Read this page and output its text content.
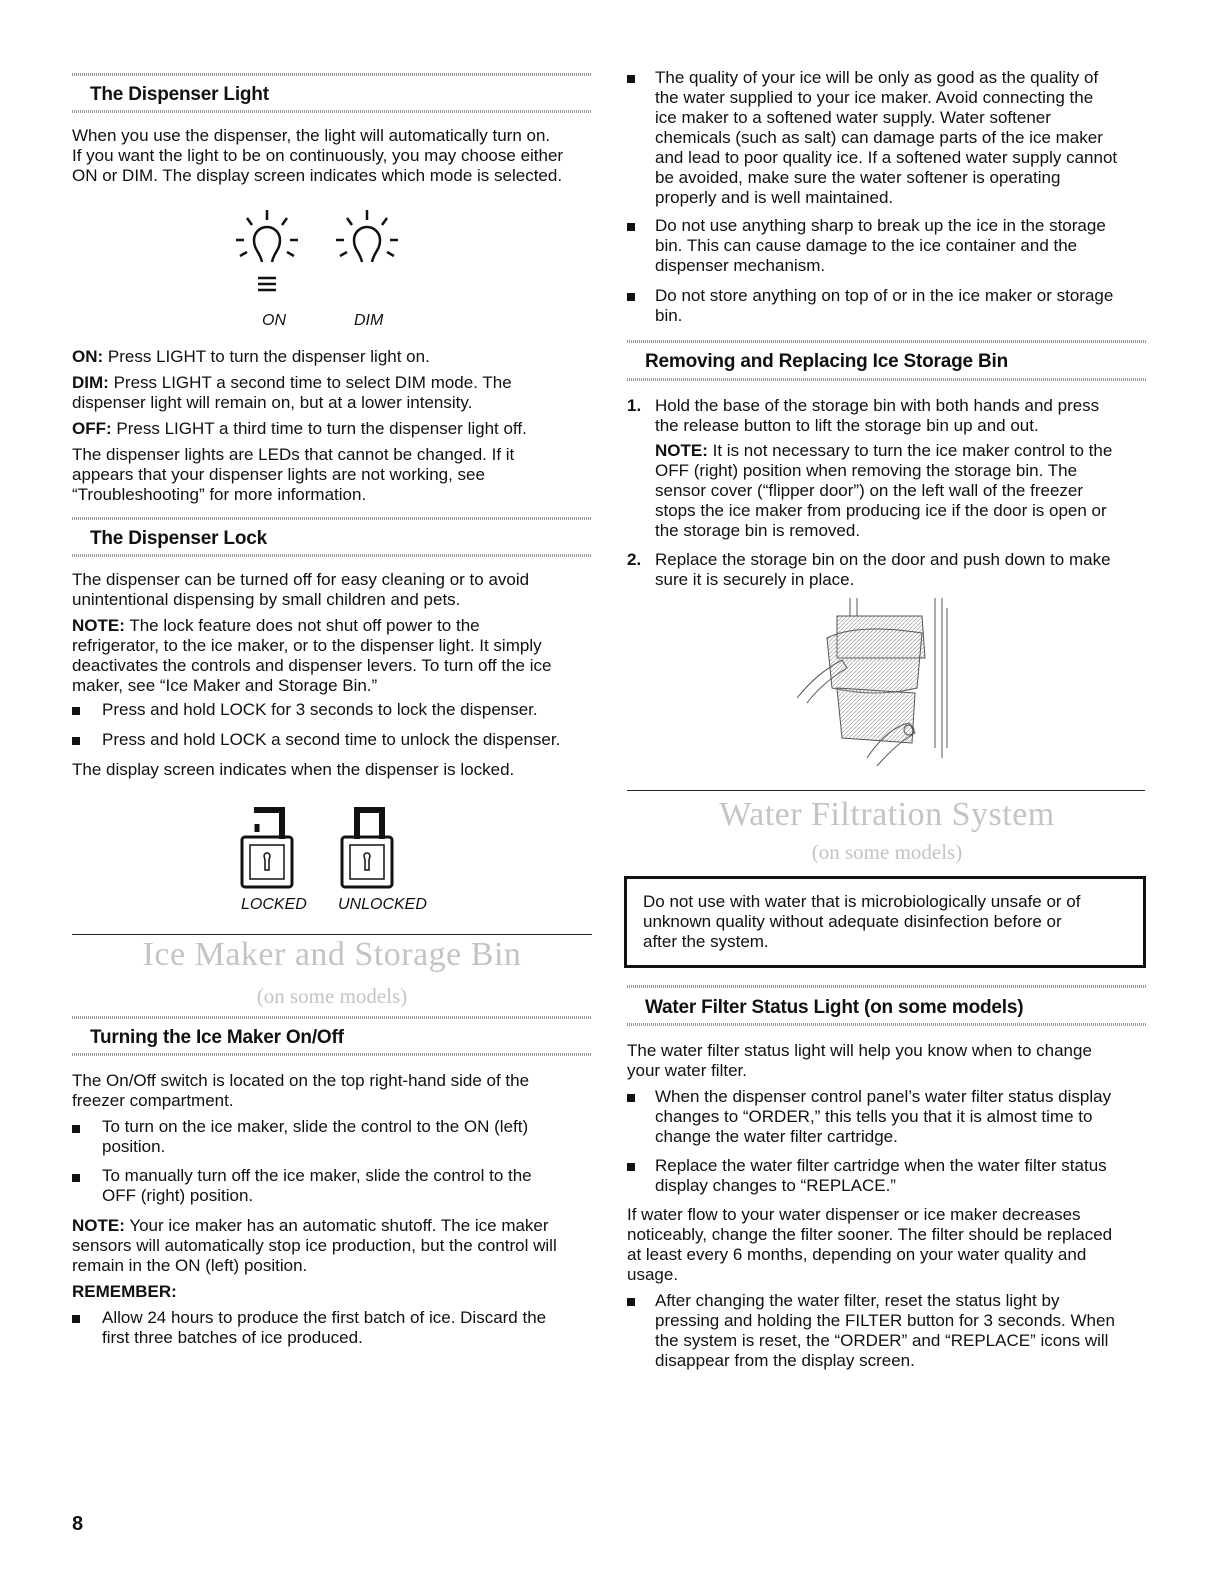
The Dispenser Light

When you use the dispenser, the light will automatically turn on.

If you want the light to be on continuously, you may choose either

ON or DIM. The display screen indicates which mode is selected.

ON	DIM
ON: Press LIGHT to turn the dispenser light on.

DIM: Press LIGHT a second time to select DIM mode. The

dispenser light will remain on, but at a lower intensity.

OFF: Press LIGHT a third time to turn the dispenser light off.

The dispenser lights are LEDs that cannot be changed. If it

appears that your dispenser lights are not working, see

“Troubleshooting” for more information.

The Dispenser Lock

The dispenser can be turned off for easy cleaning or to avoid

unintentional dispensing by small children and pets.

NOTE: The lock feature does not shut off power to the

refrigerator, to the ice maker, or to the dispenser light. It simply

deactivates the controls and dispenser levers. To turn off the ice

maker, see “Ice Maker and Storage Bin.”

Press and hold LOCK for 3 seconds to lock the dispenser.
Press and hold LOCK a second time to unlock the dispenser.
The display screen indicates when the dispenser is locked.
LOCKED UNLOCKED
Ice Maker and Storage Bin
(on some models)
Turning the Ice Maker On/Off

The On/Off switch is located on the top right-hand side of the

freezer compartment.

To turn on the ice maker, slide the control to the ON (left)

position.

To manually turn off the ice maker, slide the control to the

OFF (right) position.

NOTE: Your ice maker has an automatic shutoff. The ice maker

sensors will automatically stop ice production, but the control will

remain in the ON (left) position.

REMEMBER:

Allow 24 hours to produce the first batch of ice. Discard the

first three batches of ice produced.

8

The quality of your ice will be only as good as the quality of

the water supplied to your ice maker. Avoid connecting the

ice maker to a softened water supply. Water softener

chemicals (such as salt) can damage parts of the ice maker

and lead to poor quality ice. If a softened water supply cannot

be avoided, make sure the water softener is operating

properly and is well maintained.

Do not use anything sharp to break up the ice in the storage

bin. This can cause damage to the ice container and the

dispenser mechanism.

Do not store anything on top of or in the ice maker or storage

bin.

Removing and Replacing Ice Storage Bin
1. Hold the base of the storage bin with both hands and press

the release button to lift the storage bin up and out.

NOTE: It is not necessary to turn the ice maker control to the

OFF (right) position when removing the storage bin. The

sensor cover (“flipper door”) on the left wall of the freezer

stops the ice maker from producing ice if the door is open or

the storage bin is removed.

2. Replace the storage bin on the door and push down to make

sure it is securely in place.

Water Filtration System
(on some models)

Do not use with water that is microbiologically unsafe or of

unknown quality without adequate disinfection before or

after the system.

Water Filter Status Light (on some models)

The water filter status light will help you know when to change

your water filter.

When the dispenser control panel’s water filter status display

changes to “ORDER,” this tells you that it is almost time to

change the water filter cartridge.

Replace the water filter cartridge when the water filter status

display changes to “REPLACE.”

If water flow to your water dispenser or ice maker decreases

noticeably, change the filter sooner. The filter should be replaced

at least every 6 months, depending on your water quality and

usage.

After changing the water filter, reset the status light by

pressing and holding the FILTER button for 3 seconds. When

the system is reset, the “ORDER” and “REPLACE” icons will

disappear from the display screen.
